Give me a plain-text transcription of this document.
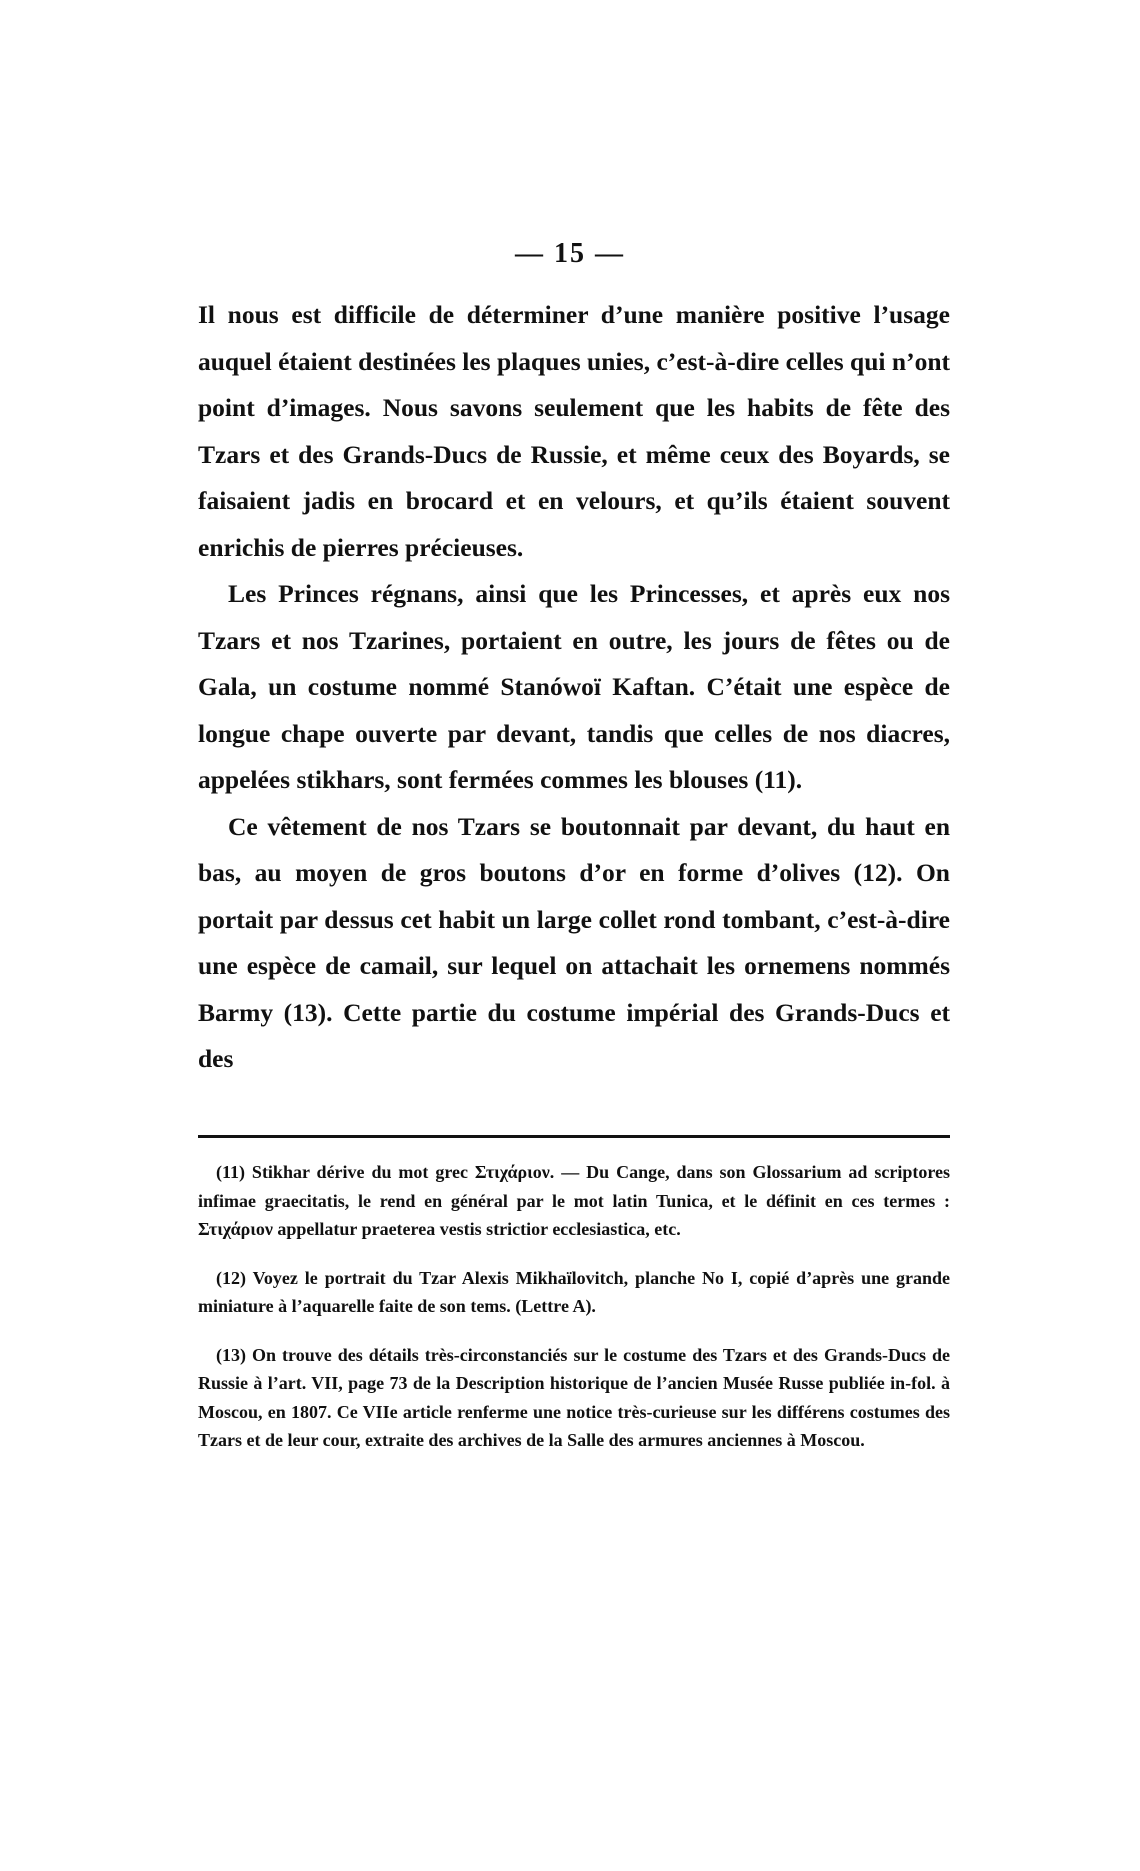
— 15 —

Il nous est difficile de déterminer d’une manière positive l’usage auquel étaient destinées les plaques unies, c’est-à-dire celles qui n’ont point d’images. Nous savons seulement que les habits de fête des Tzars et des Grands-Ducs de Russie, et même ceux des Boyards, se faisaient jadis en brocard et en velours, et qu’ils étaient souvent enrichis de pierres précieuses.

Les Princes régnans, ainsi que les Princesses, et après eux nos Tzars et nos Tzarines, portaient en outre, les jours de fêtes ou de Gala, un costume nommé Stanówoï Kaftan. C’était une espèce de longue chape ouverte par devant, tandis que celles de nos diacres, appelées stikhars, sont fermées commes les blouses (11).

Ce vêtement de nos Tzars se boutonnait par devant, du haut en bas, au moyen de gros boutons d’or en forme d’olives (12). On portait par dessus cet habit un large collet rond tombant, c’est-à-dire une espèce de camail, sur lequel on attachait les ornemens nommés Barmy (13). Cette partie du costume impérial des Grands-Ducs et des

(11) Stikhar dérive du mot grec Στιχάριον. — Du Cange, dans son Glossarium ad scriptores infimae graecitatis, le rend en général par le mot latin Tunica, et le définit en ces termes : Στιχάριον appellatur praeterea vestis strictior ecclesiastica, etc.

(12) Voyez le portrait du Tzar Alexis Mikhaïlovitch, planche No I, copié d’après une grande miniature à l’aquarelle faite de son tems. (Lettre A).

(13) On trouve des détails très-circonstanciés sur le costume des Tzars et des Grands-Ducs de Russie à l’art. VII, page 73 de la Description historique de l’ancien Musée Russe publiée in-fol. à Moscou, en 1807. Ce VIIe article renferme une notice très-curieuse sur les différens costumes des Tzars et de leur cour, extraite des archives de la Salle des armures anciennes à Moscou.
